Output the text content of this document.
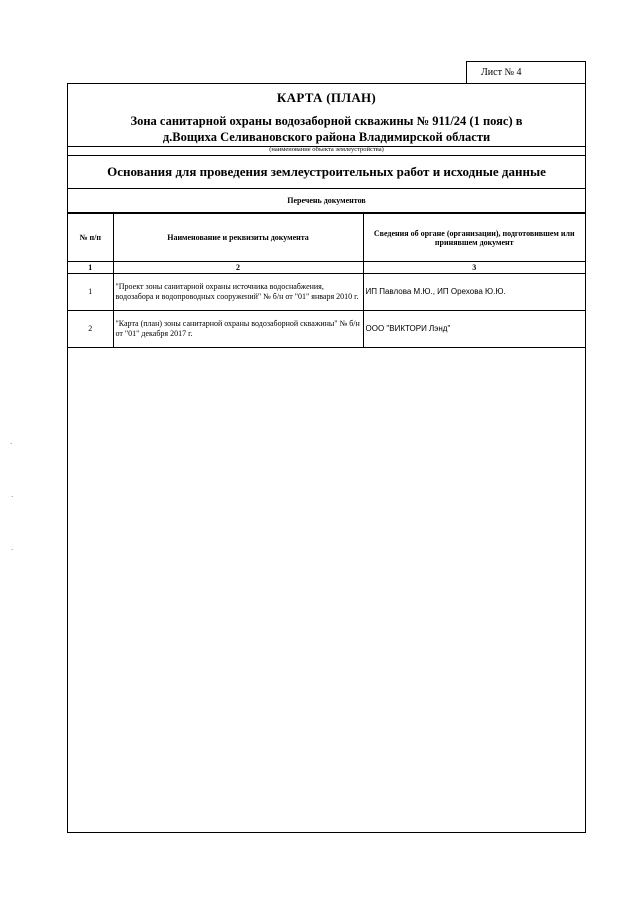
Лист № 4
КАРТА (ПЛАН)
Зона санитарной охраны водозаборной скважины № 911/24 (1 пояс) в
д.Вощиха Селивановского района Владимирской области
(наименование объекта землеустройства)
Основания для проведения землеустроительных работ и исходные данные
Перечень документов
№ п/п	Наименование и реквизиты документа	Сведения об органе (организации), подготовившем или принявшем документ
1	2	3
1	"Проект зоны санитарной охраны источника водоснабжения, водозабора и водопроводных сооружений" № б/н от "01" января 2010 г.	ИП Павлова М.Ю., ИП Орехова Ю.Ю.
2	"Карта (план) зоны санитарной охраны водозаборной скважины" № б/н от "01" декабря 2017 г.	ООО "ВИКТОРИ Лэнд"
·
·
·
